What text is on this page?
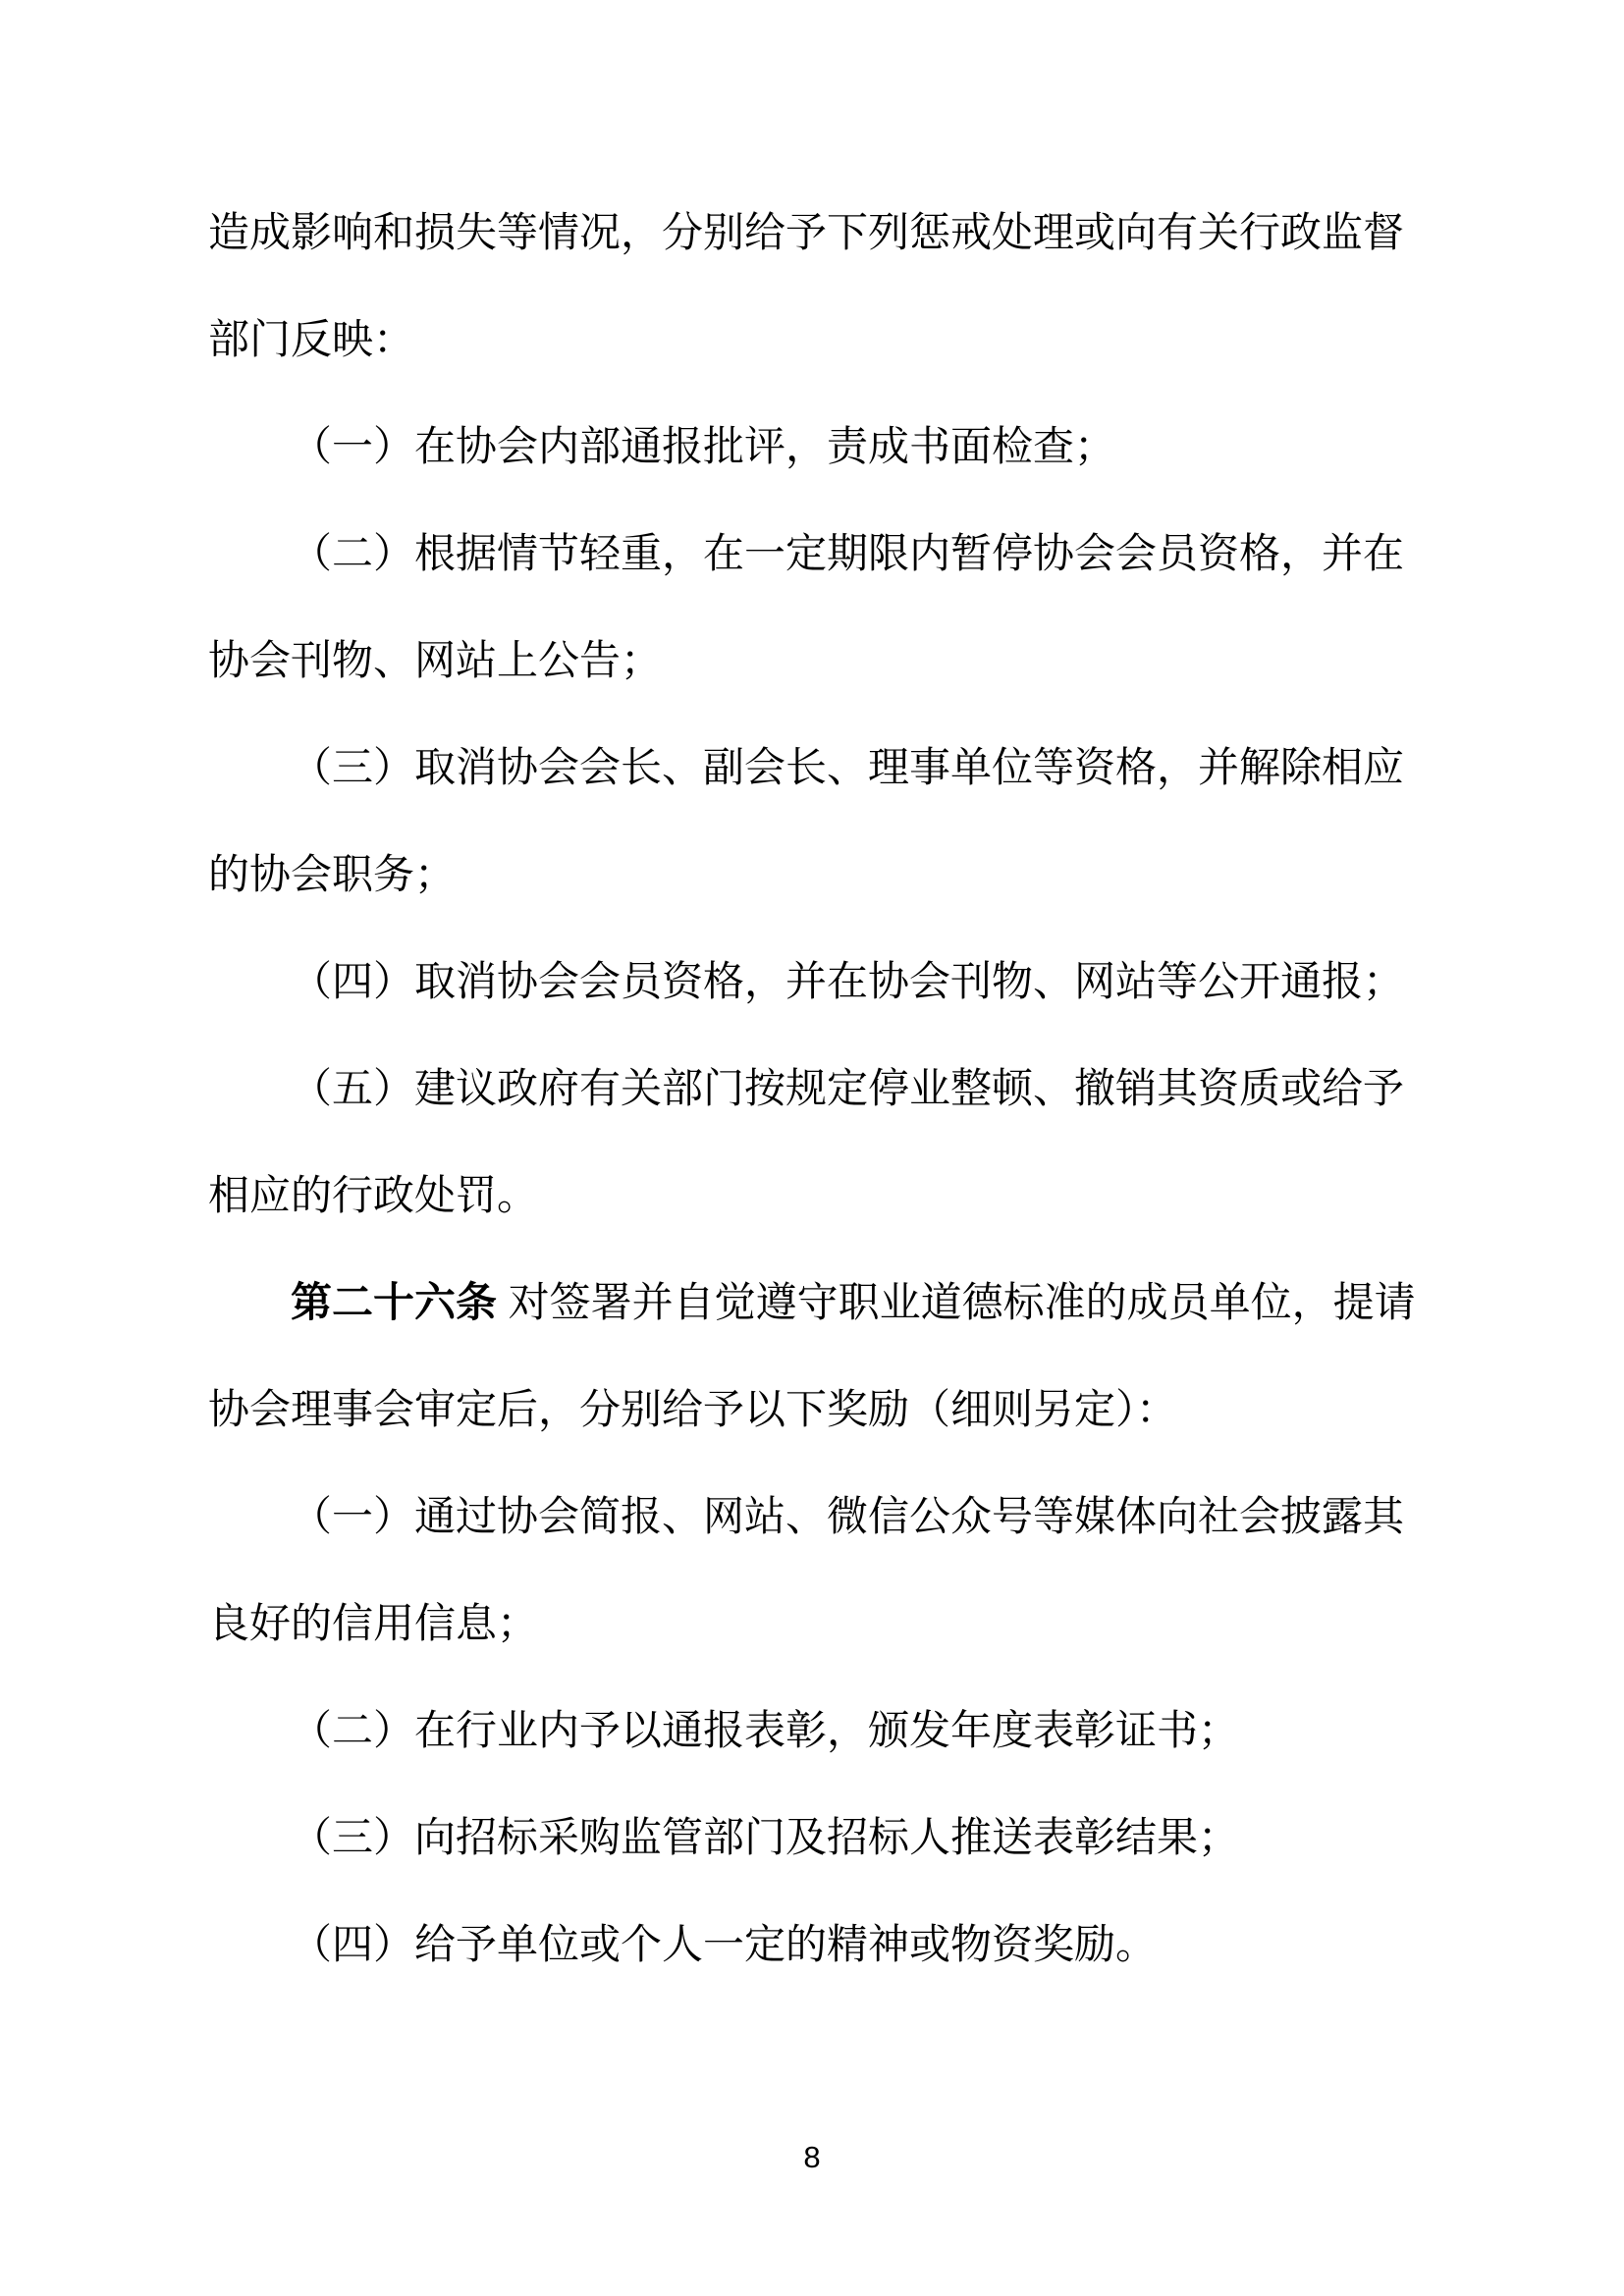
造成影响和损失等情况，分别给予下列惩戒处理或向有关行政监督
部门反映：
（一）在协会内部通报批评，责成书面检查；
（二）根据情节轻重，在一定期限内暂停协会会员资格，并在
协会刊物、网站上公告；
（三）取消协会会长、副会长、理事单位等资格，并解除相应
的协会职务；
（四）取消协会会员资格，并在协会刊物、网站等公开通报；
（五）建议政府有关部门按规定停业整顿、撤销其资质或给予
相应的行政处罚。
第二十六条 对签署并自觉遵守职业道德标准的成员单位，提请
协会理事会审定后，分别给予以下奖励（细则另定）：
（一）通过协会简报、网站、微信公众号等媒体向社会披露其
良好的信用信息；
（二）在行业内予以通报表彰，颁发年度表彰证书；
（三）向招标采购监管部门及招标人推送表彰结果；
（四）给予单位或个人一定的精神或物资奖励。
8
